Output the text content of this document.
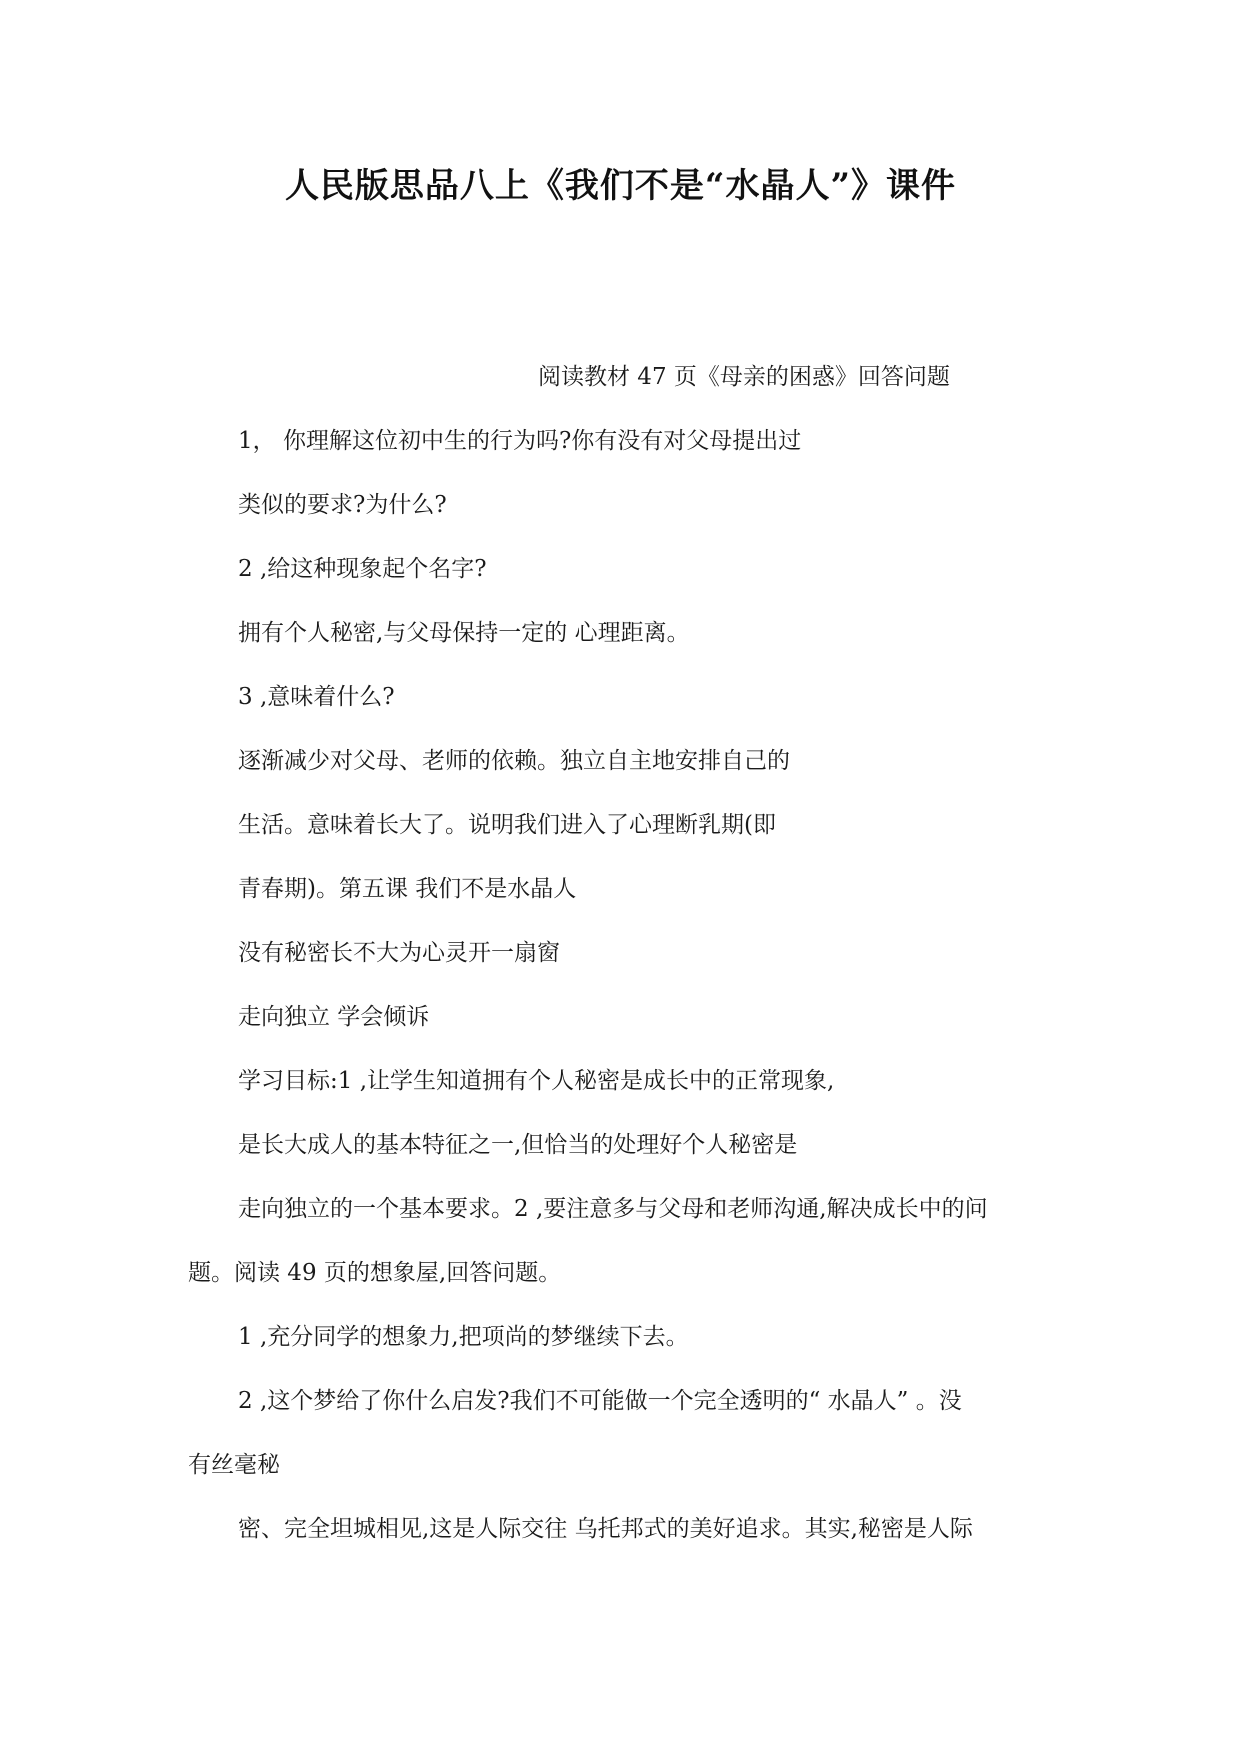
人民版思品八上《我们不是“水晶人”》课件

阅读教材 47 页《母亲的困惑》回答问题

1， 你理解这位初中生的行为吗?你有没有对父母提出过

类似的要求?为什么?

2 ,给这种现象起个名字?

拥有个人秘密,与父母保持一定的 心理距离。

3 ,意味着什么?

逐渐减少对父母、老师的依赖。独立自主地安排自己的

生活。意味着长大了。说明我们进入了心理断乳期(即

青春期)。第五课 我们不是水晶人

没有秘密长不大为心灵开一扇窗

走向独立 学会倾诉

学习目标:1 ,让学生知道拥有个人秘密是成长中的正常现象,

是长大成人的基本特征之一,但恰当的处理好个人秘密是

走向独立的一个基本要求。2 ,要注意多与父母和老师沟通,解决成长中的问

题。阅读 49 页的想象屋,回答问题。

1 ,充分同学的想象力,把项尚的梦继续下去。

2 ,这个梦给了你什么启发?我们不可能做一个完全透明的“ 水晶人” 。没

有丝毫秘

密、完全坦城相见,这是人际交往 乌托邦式的美好追求。其实,秘密是人际
